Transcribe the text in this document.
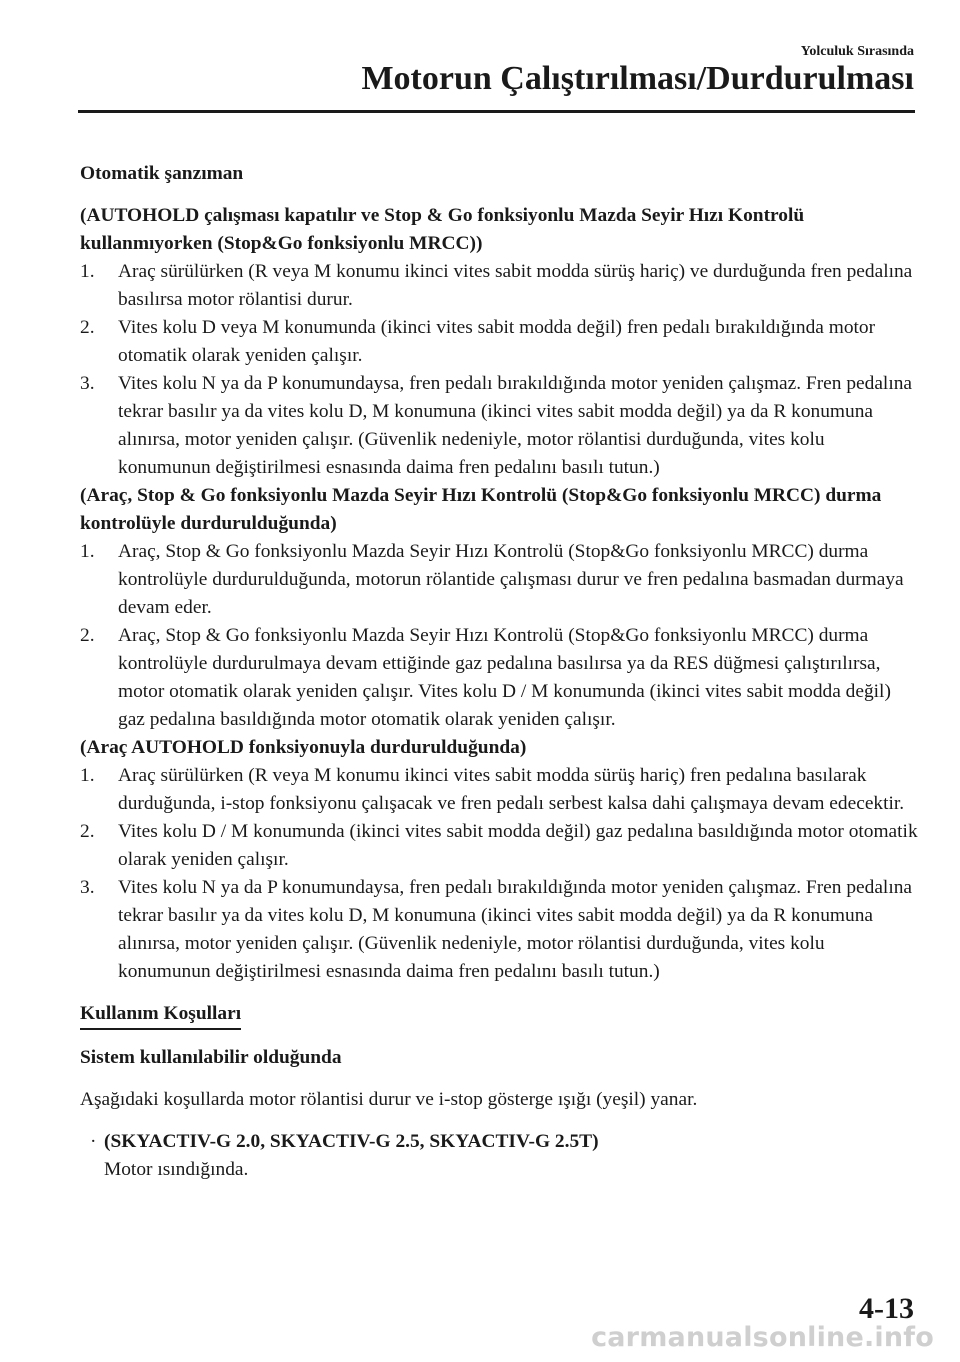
Yolculuk Sırasında
Motorun Çalıştırılması/Durdurulması

Otomatik şanzıman

(AUTOHOLD çalışması kapatılır ve Stop & Go fonksiyonlu Mazda Seyir Hızı Kontrolü kullanmıyorken (Stop&Go fonksiyonlu MRCC))

1. Araç sürülürken (R veya M konumu ikinci vites sabit modda sürüş hariç) ve durduğunda fren pedalına basılırsa motor rölantisi durur.
2. Vites kolu D veya M konumunda (ikinci vites sabit modda değil) fren pedalı bırakıldığında motor otomatik olarak yeniden çalışır.
3. Vites kolu N ya da P konumundaysa, fren pedalı bırakıldığında motor yeniden çalışmaz. Fren pedalına tekrar basılır ya da vites kolu D, M konumuna (ikinci vites sabit modda değil) ya da R konumuna alınırsa, motor yeniden çalışır. (Güvenlik nedeniyle, motor rölantisi durduğunda, vites kolu konumunun değiştirilmesi esnasında daima fren pedalını basılı tutun.)

(Araç, Stop & Go fonksiyonlu Mazda Seyir Hızı Kontrolü (Stop&Go fonksiyonlu MRCC) durma kontrolüyle durdurulduğunda)

1. Araç, Stop & Go fonksiyonlu Mazda Seyir Hızı Kontrolü (Stop&Go fonksiyonlu MRCC) durma kontrolüyle durdurulduğunda, motorun rölantide çalışması durur ve fren pedalına basmadan durmaya devam eder.
2. Araç, Stop & Go fonksiyonlu Mazda Seyir Hızı Kontrolü (Stop&Go fonksiyonlu MRCC) durma kontrolüyle durdurulmaya devam ettiğinde gaz pedalına basılırsa ya da RES düğmesi çalıştırılırsa, motor otomatik olarak yeniden çalışır. Vites kolu D / M konumunda (ikinci vites sabit modda değil) gaz pedalına basıldığında motor otomatik olarak yeniden çalışır.

(Araç AUTOHOLD fonksiyonuyla durdurulduğunda)

1. Araç sürülürken (R veya M konumu ikinci vites sabit modda sürüş hariç) fren pedalına basılarak durduğunda, i-stop fonksiyonu çalışacak ve fren pedalı serbest kalsa dahi çalışmaya devam edecektir.
2. Vites kolu D / M konumunda (ikinci vites sabit modda değil) gaz pedalına basıldığında motor otomatik olarak yeniden çalışır.
3. Vites kolu N ya da P konumundaysa, fren pedalı bırakıldığında motor yeniden çalışmaz. Fren pedalına tekrar basılır ya da vites kolu D, M konumuna (ikinci vites sabit modda değil) ya da R konumuna alınırsa, motor yeniden çalışır. (Güvenlik nedeniyle, motor rölantisi durduğunda, vites kolu konumunun değiştirilmesi esnasında daima fren pedalını basılı tutun.)

Kullanım Koşulları

Sistem kullanılabilir olduğunda

Aşağıdaki koşullarda motor rölantisi durur ve i-stop gösterge ışığı (yeşil) yanar.

· (SKYACTIV-G 2.0, SKYACTIV-G 2.5, SKYACTIV-G 2.5T)
Motor ısındığında.
4-13
carmanualsonline.info
